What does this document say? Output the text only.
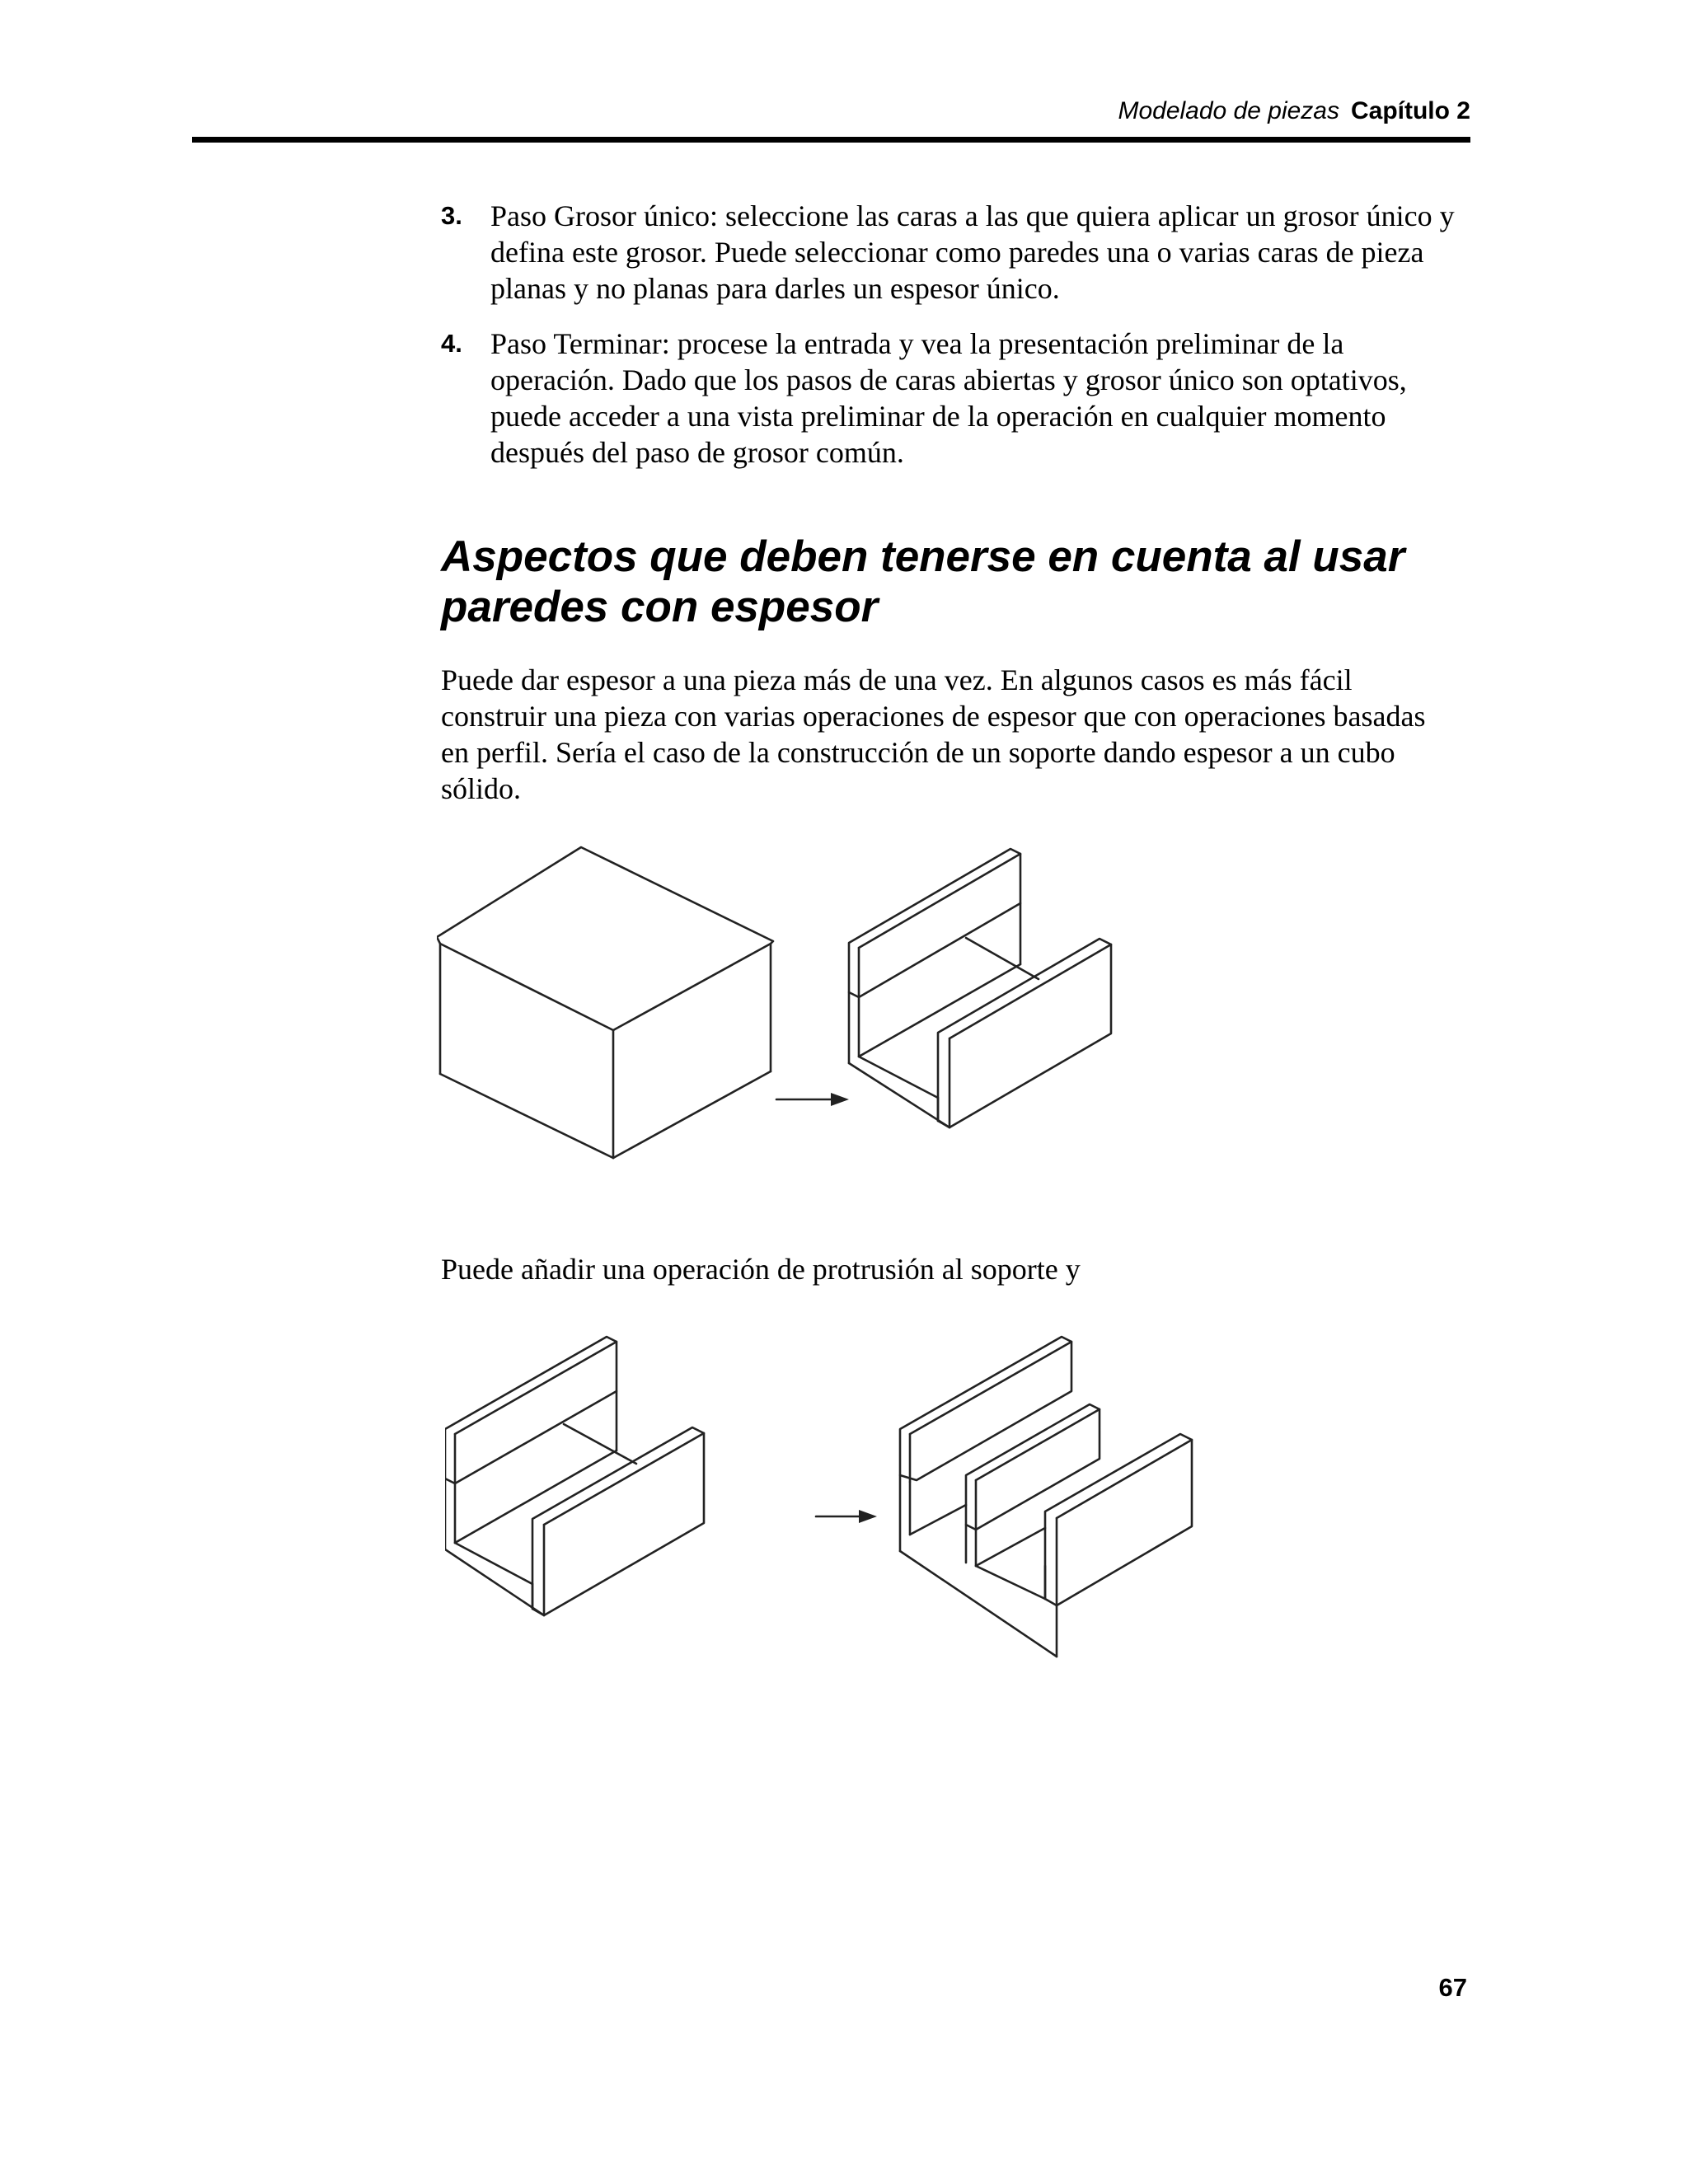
Modelado de piezas Capítulo 2
3. Paso Grosor único: seleccione las caras a las que quiera aplicar un grosor único y defina este grosor. Puede seleccionar como paredes una o varias caras de pieza planas y no planas para darles un espesor único.
4. Paso Terminar: procese la entrada y vea la presentación preliminar de la operación. Dado que los pasos de caras abiertas y grosor único son optativos, puede acceder a una vista preliminar de la operación en cualquier momento después del paso de grosor común.
Aspectos que deben tenerse en cuenta al usar
paredes con espesor
Puede dar espesor a una pieza más de una vez. En algunos casos es más fácil construir una pieza con varias operaciones de espesor que con operaciones basadas en perfil. Sería el caso de la construcción de un soporte dando espesor a un cubo sólido.
Puede añadir una operación de protrusión al soporte y
67
